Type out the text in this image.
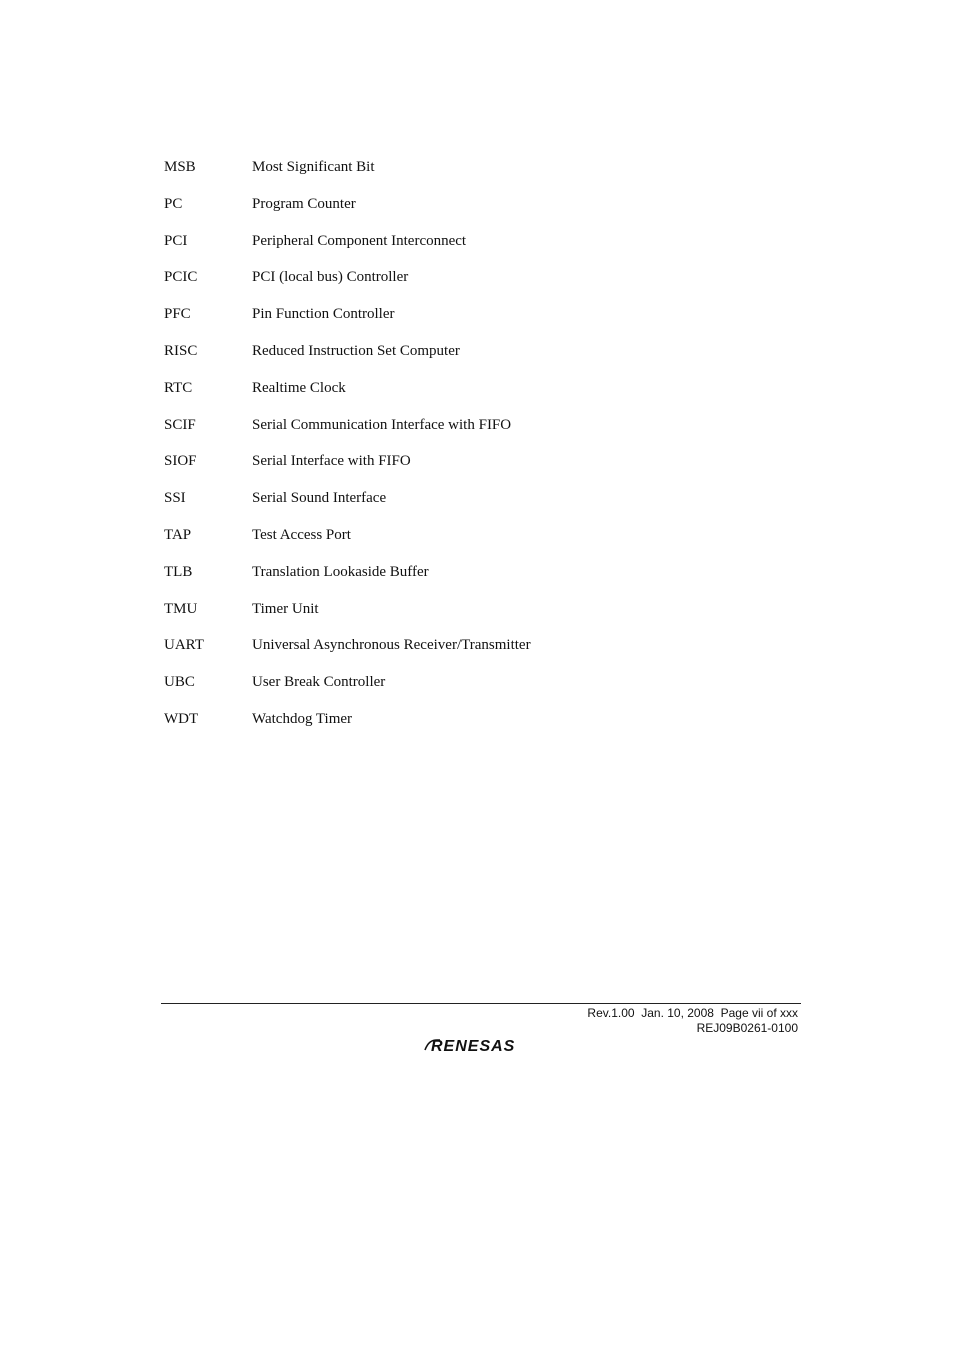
MSB	Most Significant Bit
PC	Program Counter
PCI	Peripheral Component Interconnect
PCIC	PCI (local bus) Controller
PFC	Pin Function Controller
RISC	Reduced Instruction Set Computer
RTC	Realtime Clock
SCIF	Serial Communication Interface with FIFO
SIOF	Serial Interface with FIFO
SSI	Serial Sound Interface
TAP	Test Access Port
TLB	Translation Lookaside Buffer
TMU	Timer Unit
UART	Universal Asynchronous Receiver/Transmitter
UBC	User Break Controller
WDT	Watchdog Timer
Rev.1.00  Jan. 10, 2008  Page vii of xxx
REJ09B0261-0100
RENESAS
